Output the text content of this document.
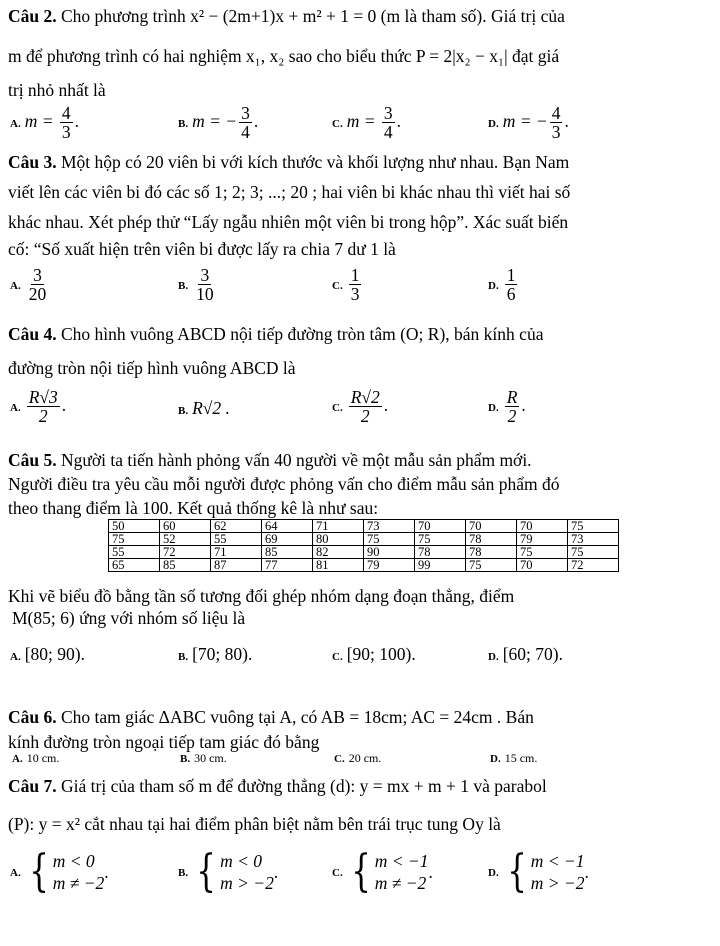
Câu 2. Cho phương trình x² − (2m+1)x + m² + 1 = 0 (m là tham số). Giá trị của
m để phương trình có hai nghiệm x₁, x₂ sao cho biểu thức P = 2|x₂ − x₁| đạt giá
trị nhỏ nhất là
A. $m = \frac{4}{3}$ .	B. m = − $\frac{3}{4}$ .	C. $m = \frac{3}{4}$ .	D. m = − $\frac{4}{3}$ .
Câu 3. Một hộp có 20 viên bi với kích thước và khối lượng như nhau. Bạn Nam
viết lên các viên bi đó các số 1; 2; 3; ...; 20 ; hai viên bi khác nhau thì viết hai số
khác nhau. Xét phép thử “Lấy ngẫu nhiên một viên bi trong hộp”. Xác suất biến
cố: “Số xuất hiện trên viên bi được lấy ra chia 7 dư 1 là
A. $\frac{3}{20}$	B. $\frac{3}{10}$	C. $\frac{1}{3}$	D. $\frac{1}{6}$
Câu 4. Cho hình vuông ABCD nội tiếp đường tròn tâm (O; R), bán kính của
đường tròn nội tiếp hình vuông ABCD là
A. $\frac{R√3}{2}$ .	B. R√2 .	C. $\frac{R√2}{2}$ .	D. $\frac{R}{2}$ .
Câu 5. Người ta tiến hành phỏng vấn 40 người về một mẫu sản phẩm mới.
Người điều tra yêu cầu mỗi người được phỏng vấn cho điểm mẫu sản phẩm đó
theo thang điểm là 100. Kết quả thống kê là như sau:
50	60	62	64	71	73	70	70	70	75
75	52	55	69	80	75	75	78	79	73
55	72	71	85	82	90	78	78	75	75
65	85	87	77	81	79	99	75	70	72
Khi vẽ biểu đồ bằng tần số tương đối ghép nhóm dạng đoạn thẳng, điểm
M(85; 6) ứng với nhóm số liệu là
A. [80; 90).	B. [70; 80).	C. [90; 100).	D. [60; 70).
Câu 6. Cho tam giác ΔABC vuông tại A, có AB = 18cm; AC = 24cm . Bán
kính đường tròn ngoại tiếp tam giác đó bằng
A. 10 cm.	B. 30 cm.	C. 20 cm.	D. 15 cm.
Câu 7. Giá trị của tham số m để đường thẳng (d): y = mx + m + 1 và parabol
(P): y = x² cắt nhau tại hai điểm phân biệt nằm bên trái trục tung Oy là
A. { m < 0
m ≠ −2
.	B. { m < 0
m > −2
.	C. { m < −1
m ≠ −2
.	D. { m < −1
m > −2
.
